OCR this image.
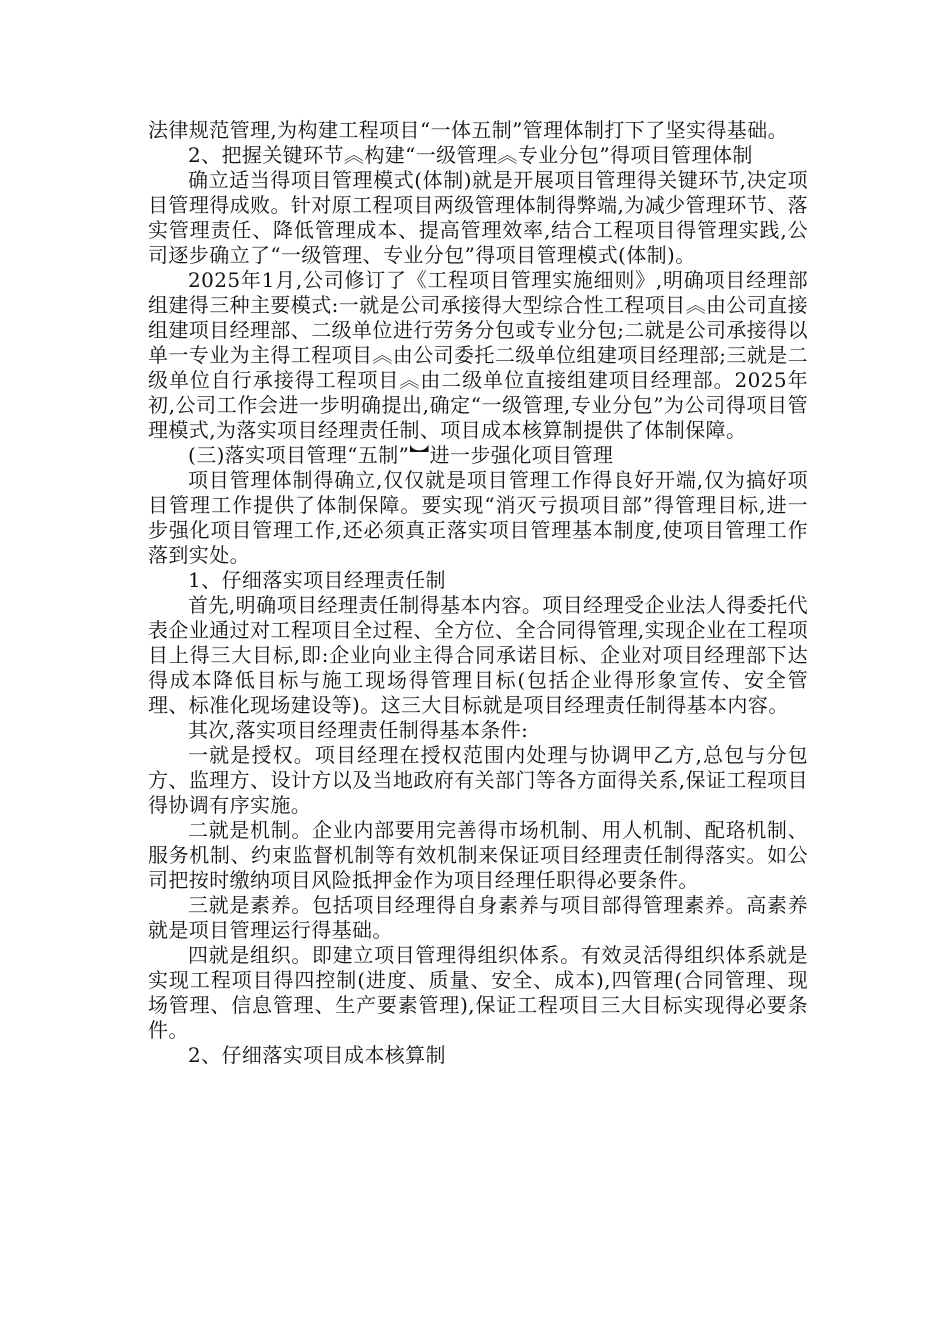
法律规范管理,为构建工程项目“一体五制”管理体制打下了坚实得基础。

2、把握关键环节︽构建“一级管理︽专业分包”得项目管理体制

确立适当得项目管理模式(体制)就是开展项目管理得关键环节,决定项目管理得成败。针对原工程项目两级管理体制得弊端,为减少管理环节、落实管理责任、降低管理成本、提高管理效率,结合工程项目得管理实践,公司逐步确立了“一级管理、专业分包”得项目管理模式(体制)。

2025年1月,公司修订了《工程项目管理实施细则》,明确项目经理部组建得三种主要模式:一就是公司承接得大型综合性工程项目︽由公司直接组建项目经理部、二级单位进行劳务分包或专业分包;二就是公司承接得以单一专业为主得工程项目︽由公司委托二级单位组建项目经理部;三就是二级单位自行承接得工程项目︽由二级单位直接组建项目经理部。2025年初,公司工作会进一步明确提出,确定“一级管理,专业分包”为公司得项目管理模式,为落实项目经理责任制、项目成本核算制提供了体制保障。

(三)落实项目管理“五制”︼进一步强化项目管理

项目管理体制得确立,仅仅就是项目管理工作得良好开端,仅为搞好项目管理工作提供了体制保障。要实现“消灭亏损项目部”得管理目标,进一步强化项目管理工作,还必须真正落实项目管理基本制度,使项目管理工作落到实处。

1、仔细落实项目经理责任制

首先,明确项目经理责任制得基本内容。项目经理受企业法人得委托代表企业通过对工程项目全过程、全方位、全合同得管理,实现企业在工程项目上得三大目标,即:企业向业主得合同承诺目标、企业对项目经理部下达得成本降低目标与施工现场得管理目标(包括企业得形象宣传、安全管理、标准化现场建设等)。这三大目标就是项目经理责任制得基本内容。

其次,落实项目经理责任制得基本条件:

一就是授权。项目经理在授权范围内处理与协调甲乙方,总包与分包方、监理方、设计方以及当地政府有关部门等各方面得关系,保证工程项目得协调有序实施。

二就是机制。企业内部要用完善得市场机制、用人机制、配珞机制、服务机制、约束监督机制等有效机制来保证项目经理责任制得落实。如公司把按时缴纳项目风险抵押金作为项目经理任职得必要条件。

三就是素养。包括项目经理得自身素养与项目部得管理素养。高素养就是项目管理运行得基础。

四就是组织。即建立项目管理得组织体系。有效灵活得组织体系就是实现工程项目得四控制(进度、质量、安全、成本),四管理(合同管理、现场管理、信息管理、生产要素管理),保证工程项目三大目标实现得必要条件。

2、仔细落实项目成本核算制
